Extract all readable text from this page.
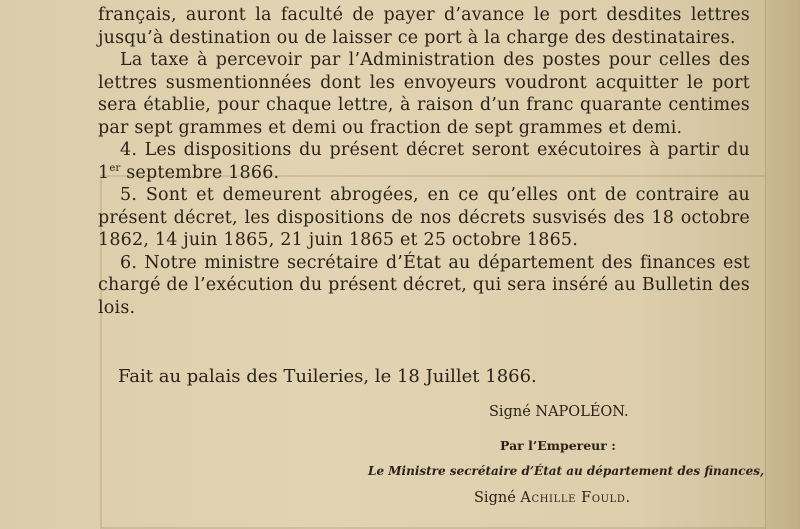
français, auront la faculté de payer d’avance le port desdites lettres jusqu’à destination ou de laisser ce port à la charge des destinataires.

La taxe à percevoir par l’Administration des postes pour celles des lettres susmentionnées dont les envoyeurs voudront acquitter le port sera établie, pour chaque lettre, à raison d’un franc quarante centimes par sept grammes et demi ou fraction de sept grammes et demi.

4. Les dispositions du présent décret seront exécutoires à partir du 1er septembre 1866.

5. Sont et demeurent abrogées, en ce qu’elles ont de contraire au présent décret, les dispositions de nos décrets susvisés des 18 octobre 1862, 14 juin 1865, 21 juin 1865 et 25 octobre 1865.

6. Notre ministre secrétaire d’État au département des finances est chargé de l’exécution du présent décret, qui sera inséré au Bulletin des lois.

Fait au palais des Tuileries, le 18 Juillet 1866.
Signé NAPOLÉON.
Par l’Empereur :
Le Ministre secrétaire d’État au département des finances,
Signé Achille Fould.
